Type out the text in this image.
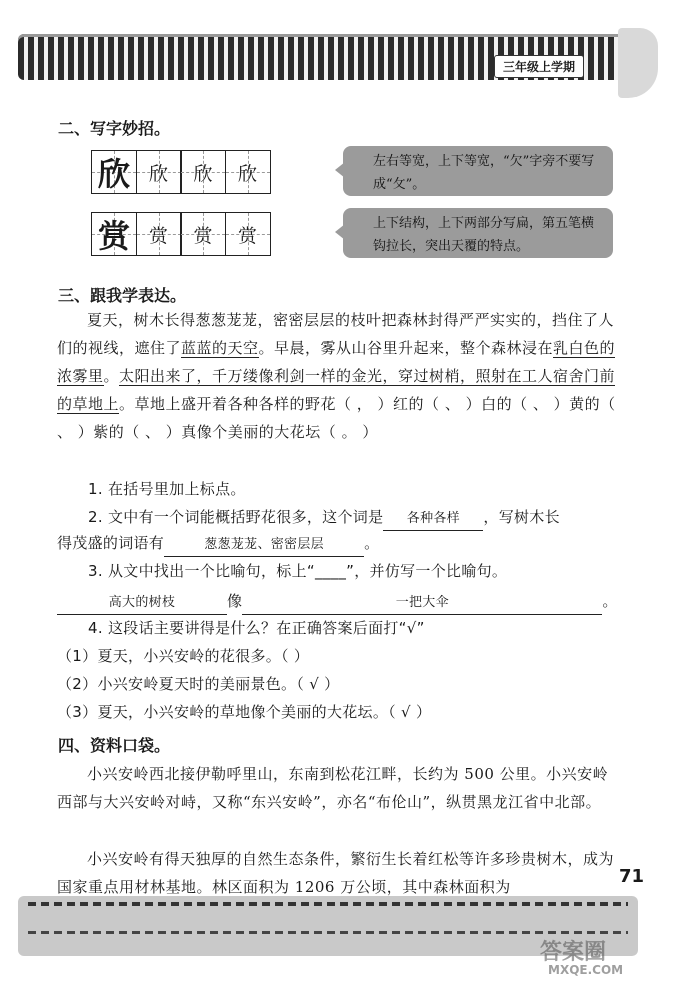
三年级上学期
二、写字妙招。
欣 欣 欣 欣
赏 赏 赏 赏
左右等宽，上下等宽，“欠”字旁不要写成“攵”。
上下结构，上下两部分写扁，第五笔横钩拉长，突出天覆的特点。
三、跟我学表达。
夏天，树木长得葱葱茏茏，密密层层的枝叶把森林封得严严实实的，挡住了人们的视线，遮住了蓝蓝的天空。早晨，雾从山谷里升起来，整个森林浸在乳白色的浓雾里。太阳出来了，千万缕像利剑一样的金光，穿过树梢，照射在工人宿舍门前的草地上。草地上盛开着各种各样的野花（ ， ）红的（ 、 ）白的（ 、 ）黄的（ 、 ）紫的（ 、 ）真像个美丽的大花坛（ 。 ）
1. 在括号里加上标点。
2. 文中有一个词能概括野花很多，这个词是 各种各样 ，写树木长
得茂盛的词语有	葱葱茏茏、密密层层	。
3. 从文中找出一个比喻句，标上“____”，并仿写一个比喻句。
高大的树枝	像	一把大伞	。
4. 这段话主要讲得是什么？在正确答案后面打“√”
（1）夏天，小兴安岭的花很多。（ ）
（2）小兴安岭夏天时的美丽景色。（ √ ）
（3）夏天，小兴安岭的草地像个美丽的大花坛。（ √ ）
四、资料口袋。
小兴安岭西北接伊勒呼里山，东南到松花江畔，长约为 500 公里。小兴安岭西部与大兴安岭对峙，又称“东兴安岭”，亦名“布伦山”，纵贯黑龙江省中北部。
小兴安岭有得天独厚的自然生态条件，繁衍生长着红松等许多珍贵树木，成为国家重点用材林基地。林区面积为 1206 万公顷，其中森林面积为	71
答案圈
MXQE.COM
